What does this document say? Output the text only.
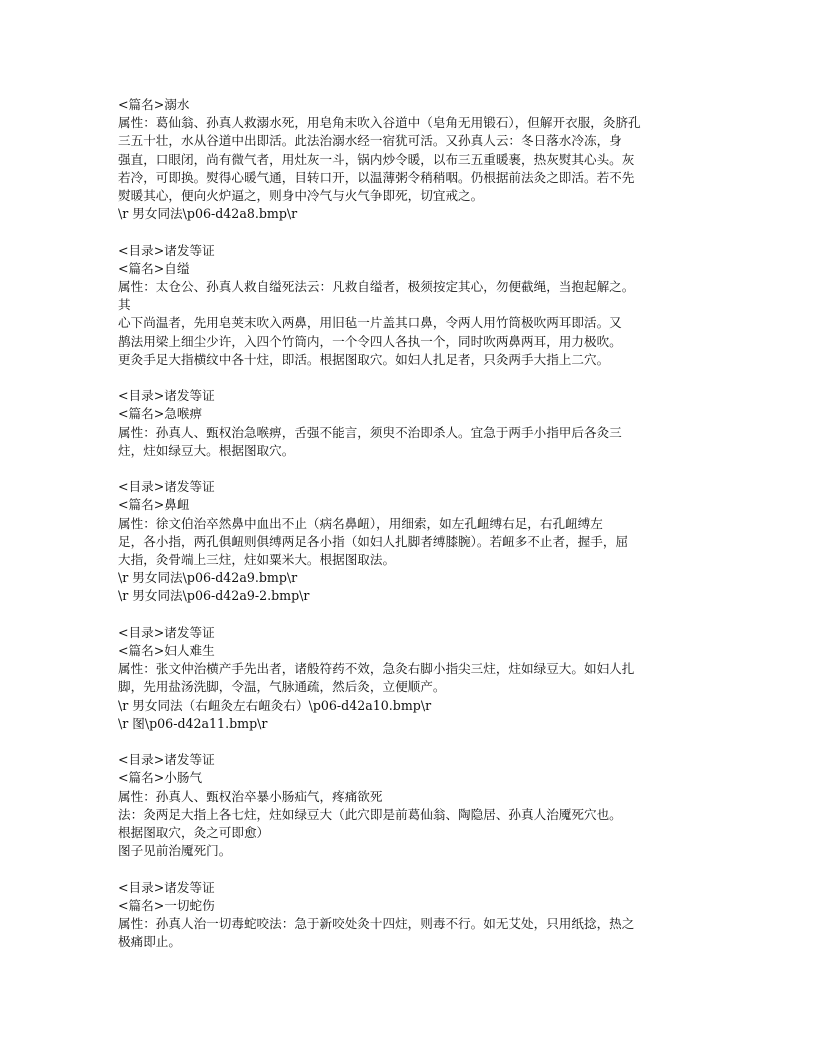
<篇名>溺水
属性：葛仙翁、孙真人救溺水死，用皂角末吹入谷道中（皂角无用锻石），但解开衣服，灸脐孔
三五十壮，水从谷道中出即活。此法治溺水经一宿犹可活。又孙真人云：冬日落水冷冻，身
强直，口眼闭，尚有微气者，用灶灰一斗，锅内炒令暖，以布三五重暖裹，热灰熨其心头。灰
若冷，可即换。熨得心暖气通，目转口开，以温薄粥令稍稍咽。仍根据前法灸之即活。若不先
熨暖其心，便向火炉逼之，则身中冷气与火气争即死，切宜戒之。
\r 男女同法\p06-d42a8.bmp\r
<目录>诸发等证
<篇名>自缢
属性：太仓公、孙真人救自缢死法云：凡救自缢者，极须按定其心，勿便截绳，当抱起解之。
其
心下尚温者，先用皂荚末吹入两鼻，用旧毡一片盖其口鼻，令两人用竹筒极吹两耳即活。又
鹊法用梁上细尘少许，入四个竹筒内，一个令四人各执一个，同时吹两鼻两耳，用力极吹。
更灸手足大指横纹中各十炷，即活。根据图取穴。如妇人扎足者，只灸两手大指上二穴。
<目录>诸发等证
<篇名>急喉痹
属性：孙真人、甄权治急喉痹，舌强不能言，须臾不治即杀人。宜急于两手小指甲后各灸三
炷，炷如绿豆大。根据图取穴。
<目录>诸发等证
<篇名>鼻衄
属性：徐文伯治卒然鼻中血出不止（病名鼻衄），用细索，如左孔衄缚右足，右孔衄缚左
足，各小指，两孔俱衄则俱缚两足各小指（如妇人扎脚者缚膝腕）。若衄多不止者，握手，屈
大指，灸骨端上三炷，炷如粟米大。根据图取法。
\r 男女同法\p06-d42a9.bmp\r
\r 男女同法\p06-d42a9-2.bmp\r
<目录>诸发等证
<篇名>妇人难生
属性：张文仲治横产手先出者，诸般符药不效，急灸右脚小指尖三炷，炷如绿豆大。如妇人扎
脚，先用盐汤洗脚，令温，气脉通疏，然后灸，立便顺产。
\r 男女同法（右衄灸左右衄灸右）\p06-d42a10.bmp\r
\r 图\p06-d42a11.bmp\r
<目录>诸发等证
<篇名>小肠气
属性：孙真人、甄权治卒暴小肠疝气，疼痛欲死
法：灸两足大指上各七炷，炷如绿豆大（此穴即是前葛仙翁、陶隐居、孙真人治魇死穴也。
根据图取穴，灸之可即愈）
图子见前治魇死门。
<目录>诸发等证
<篇名>一切蛇伤
属性：孙真人治一切毒蛇咬法：急于新咬处灸十四炷，则毒不行。如无艾处，只用纸捻，热之
极痛即止。
